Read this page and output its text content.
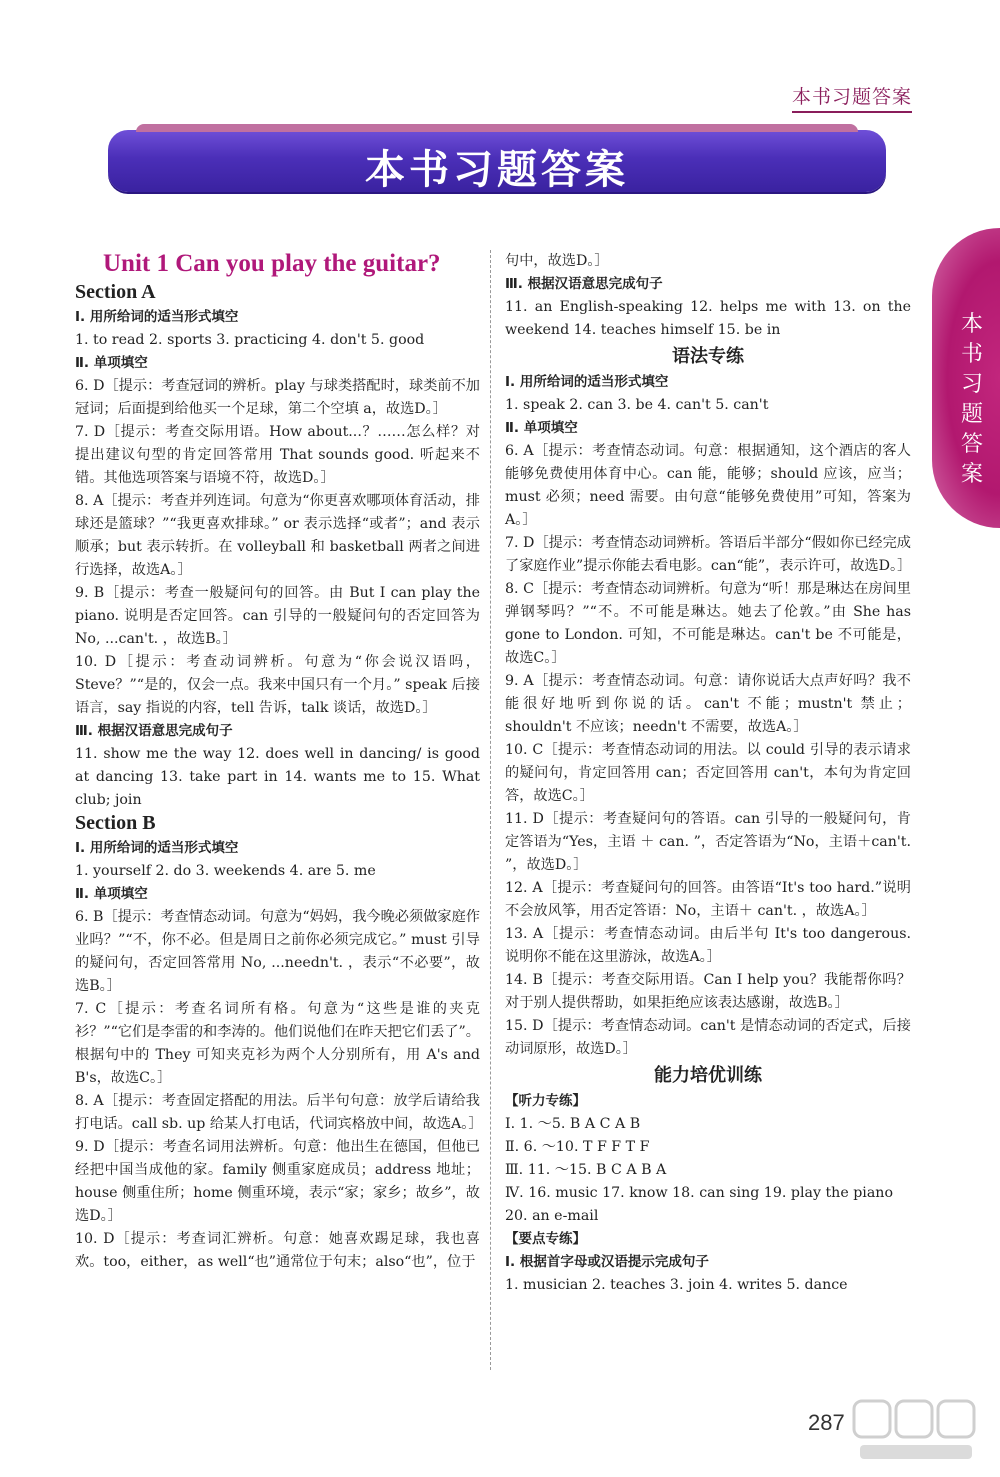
本书习题答案
本书习题答案
本书习题答案
Unit 1 Can you play the guitar?
Section A
Ⅰ. 用所给词的适当形式填空
1. to read 2. sports 3. practicing 4. don't 5. good
Ⅱ. 单项填空
6. D［提示：考查冠词的辨析。play 与球类搭配时，球类前不加冠词；后面提到给他买一个足球，第二个空填 a，故选D。］
7. D［提示：考查交际用语。How about...？……怎么样？对提出建议句型的肯定回答常用 That sounds good. 听起来不错。其他选项答案与语境不符，故选D。］
8. A［提示：考查并列连词。句意为“你更喜欢哪项体育活动，排球还是篮球？”“我更喜欢排球。” or 表示选择“或者”；and 表示顺承；but 表示转折。在 volleyball 和 basketball 两者之间进行选择，故选A。］
9. B［提示：考查一般疑问句的回答。由 But I can play the piano. 说明是否定回答。can 引导的一般疑问句的否定回答为 No, ...can't. ，故选B。］
10. D［提示：考查动词辨析。句意为“你会说汉语吗，Steve？”“是的，仅会一点。我来中国只有一个月。” speak 后接语言，say 指说的内容，tell 告诉，talk 谈话，故选D。］
Ⅲ. 根据汉语意思完成句子
11. show me the way 12. does well in dancing/ is good at dancing 13. take part in 14. wants me to 15. What club; join
Section B
Ⅰ. 用所给词的适当形式填空
1. yourself 2. do 3. weekends 4. are 5. me
Ⅱ. 单项填空
6. B［提示：考查情态动词。句意为“妈妈，我今晚必须做家庭作业吗？”“不，你不必。但是周日之前你必须完成它。” must 引导的疑问句，否定回答常用 No, ...needn't. ，表示“不必要”，故选B。］
7. C［提示：考查名词所有格。句意为“这些是谁的夹克衫？”“它们是李雷的和李涛的。他们说他们在昨天把它们丢了”。根据句中的 They 可知夹克衫为两个人分别所有，用 A's and B's，故选C。］
8. A［提示：考查固定搭配的用法。后半句句意：放学后请给我打电话。call sb. up 给某人打电话，代词宾格放中间，故选A。］
9. D［提示：考查名词用法辨析。句意：他出生在德国，但他已经把中国当成他的家。family 侧重家庭成员；address 地址；house 侧重住所；home 侧重环境，表示“家；家乡；故乡”，故选D。］
10. D［提示：考查词汇辨析。句意：她喜欢踢足球，我也喜欢。too，either，as well“也”通常位于句末；also“也”，位于
句中，故选D。］
Ⅲ. 根据汉语意思完成句子
11. an English-speaking 12. helps me with 13. on the weekend 14. teaches himself 15. be in
语法专练
Ⅰ. 用所给词的适当形式填空
1. speak 2. can 3. be 4. can't 5. can't
Ⅱ. 单项填空
6. A［提示：考查情态动词。句意：根据通知，这个酒店的客人能够免费使用体育中心。can 能，能够；should 应该，应当；must 必须；need 需要。由句意“能够免费使用”可知，答案为A。］
7. D［提示：考查情态动词辨析。答语后半部分“假如你已经完成了家庭作业”提示你能去看电影。can“能”，表示许可，故选D。］
8. C［提示：考查情态动词辨析。句意为“听！那是琳达在房间里弹钢琴吗？”“不。不可能是琳达。她去了伦敦。”由 She has gone to London. 可知，不可能是琳达。can't be 不可能是，故选C。］
9. A［提示：考查情态动词。句意：请你说话大点声好吗？我不能很好地听到你说的话。can't 不能；mustn't 禁止；shouldn't 不应该；needn't 不需要，故选A。］
10. C［提示：考查情态动词的用法。以 could 引导的表示请求的疑问句，肯定回答用 can；否定回答用 can't，本句为肯定回答，故选C。］
11. D［提示：考查疑问句的答语。can 引导的一般疑问句，肯定答语为“Yes，主语 ＋ can. ”，否定答语为“No，主语＋can't. ”，故选D。］
12. A［提示：考查疑问句的回答。由答语“It's too hard.”说明不会放风筝，用否定答语：No，主语＋ can't. ，故选A。］
13. A［提示：考查情态动词。由后半句 It's too dangerous. 说明你不能在这里游泳，故选A。］
14. B［提示：考查交际用语。Can I help you？我能帮你吗？对于别人提供帮助，如果拒绝应该表达感谢，故选B。］
15. D［提示：考查情态动词。can't 是情态动词的否定式，后接动词原形，故选D。］
能力培优训练
【听力专练】
Ⅰ. 1. ～5. B A C A B
Ⅱ. 6. ～10. T F F T F
Ⅲ. 11. ～15. B C A B A
Ⅳ. 16. music 17. know 18. can sing 19. play the piano
20. an e-mail
【要点专练】
Ⅰ. 根据首字母或汉语提示完成句子
1. musician 2. teaches 3. join 4. writes 5. dance
287
